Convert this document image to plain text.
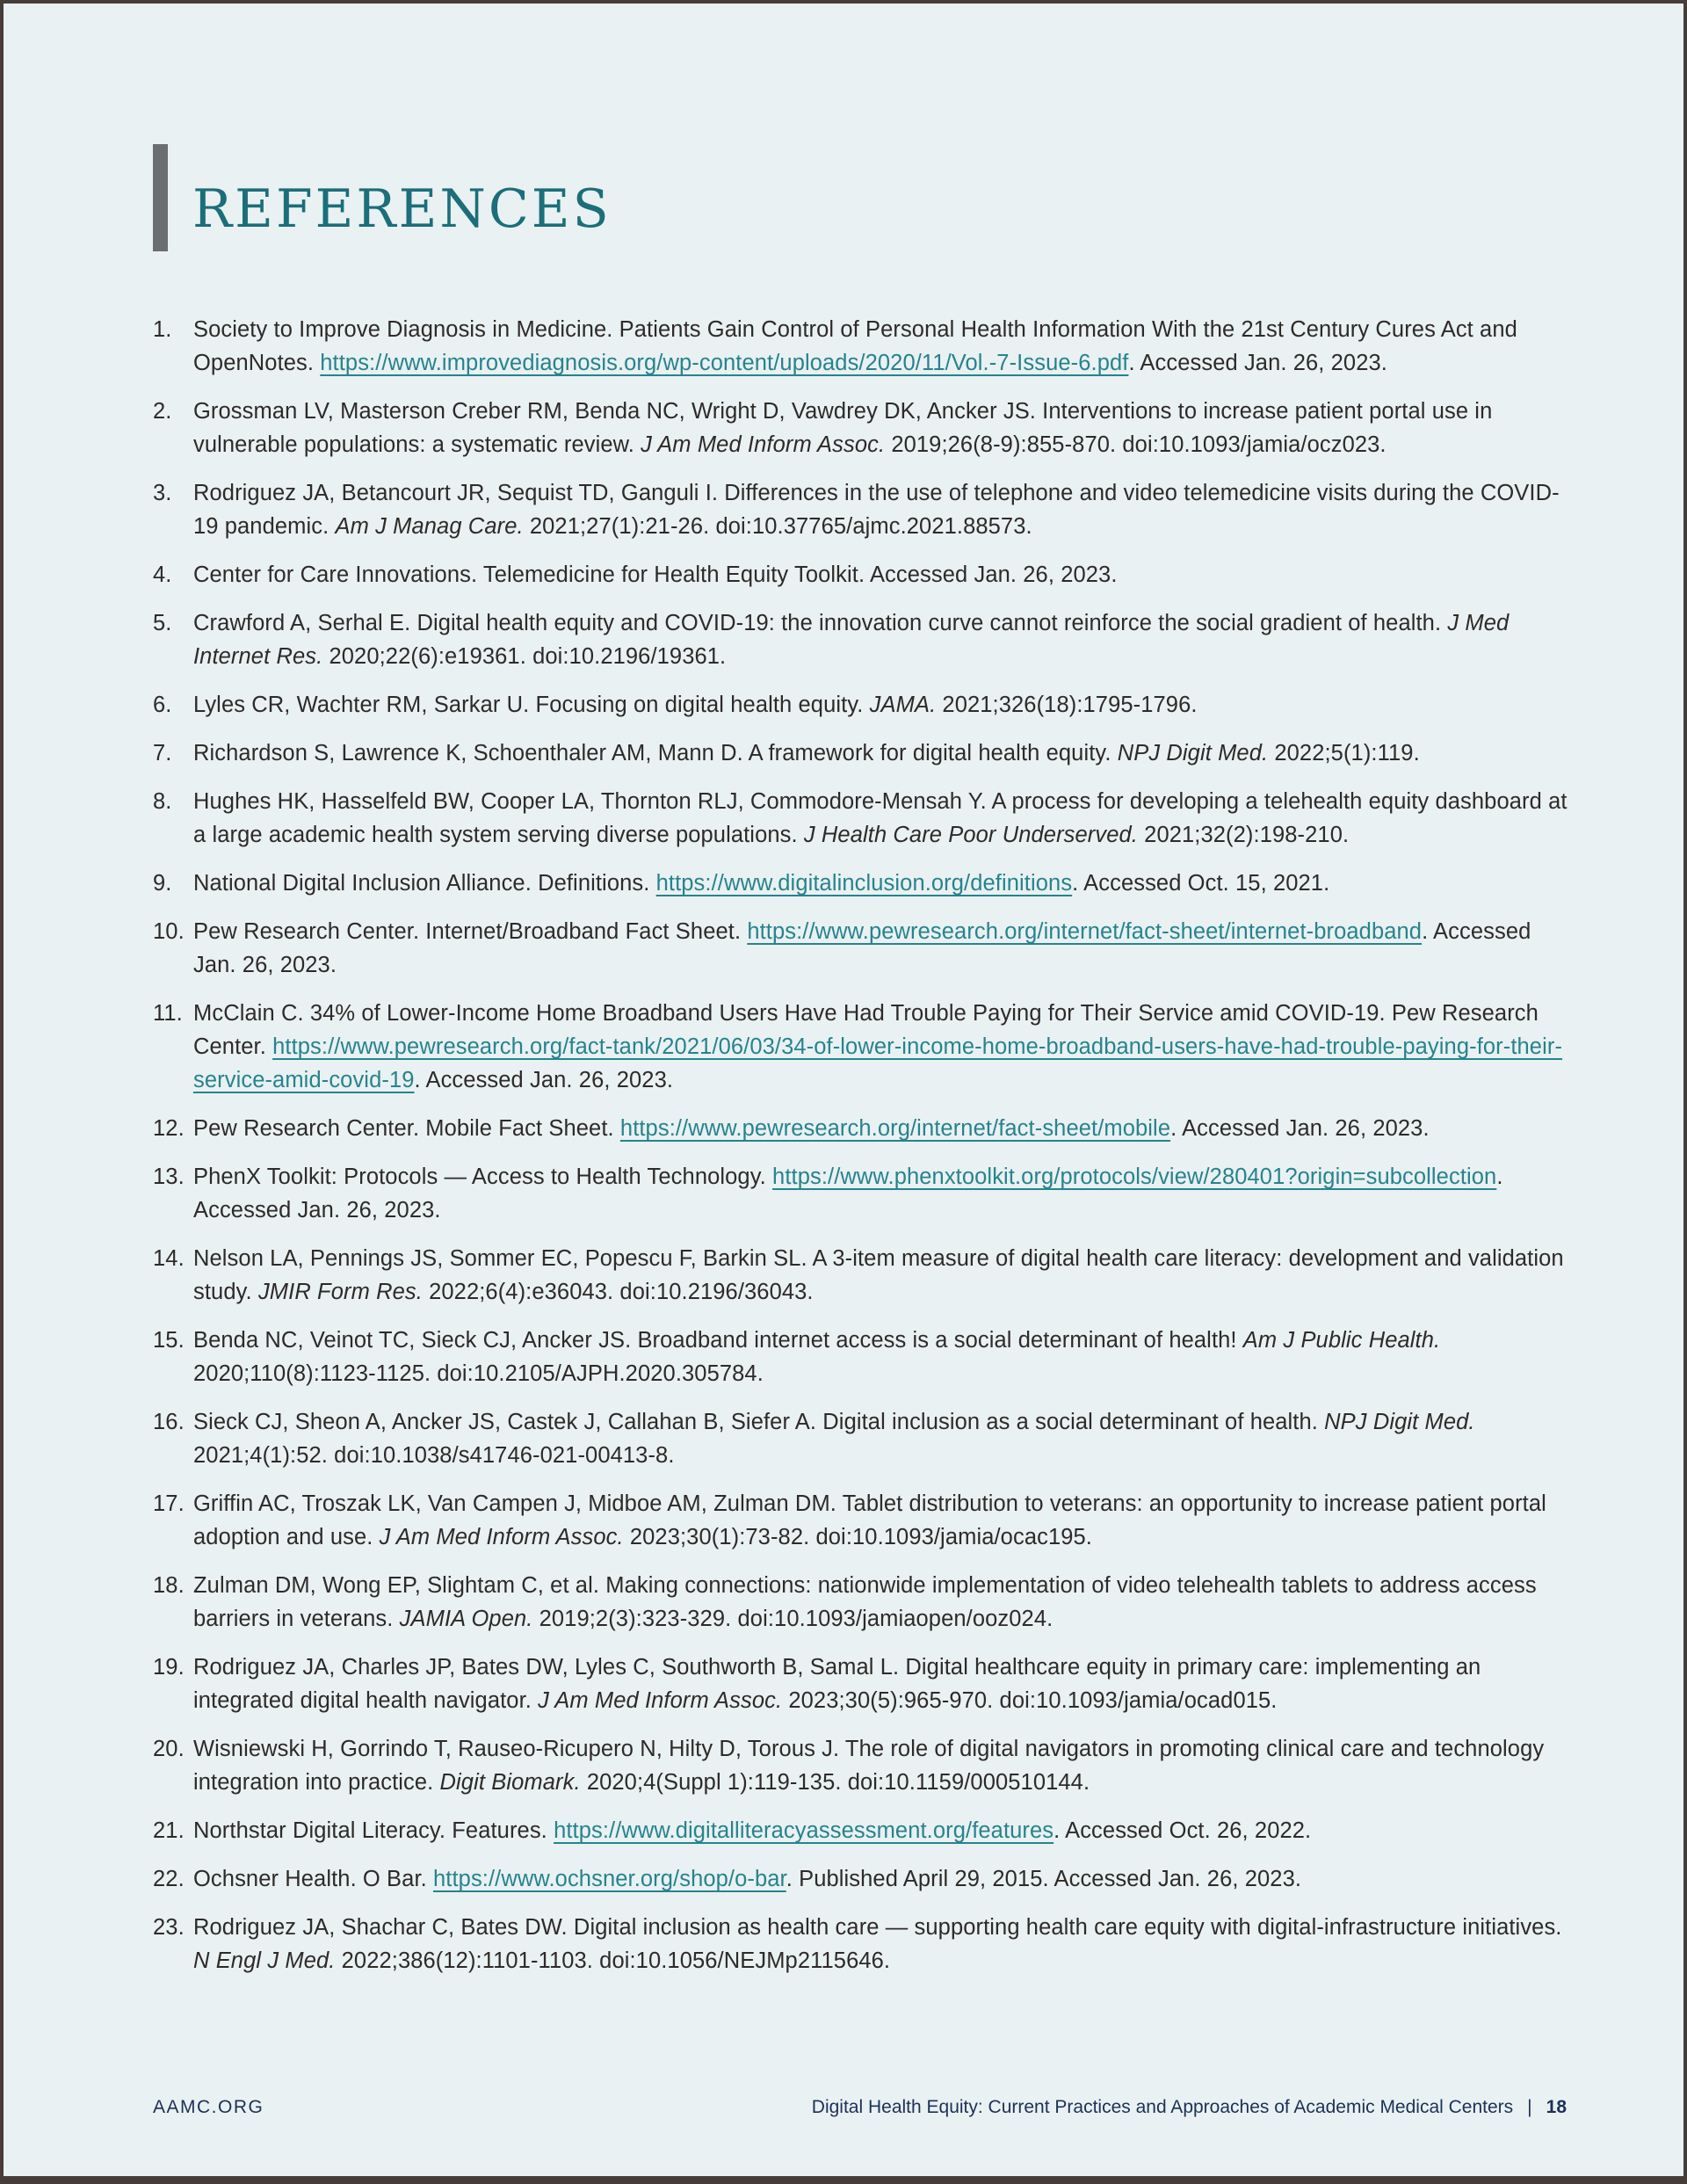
REFERENCES
1. Society to Improve Diagnosis in Medicine. Patients Gain Control of Personal Health Information With the 21st Century Cures Act and OpenNotes. https://www.improvediagnosis.org/wp-content/uploads/2020/11/Vol.-7-Issue-6.pdf. Accessed Jan. 26, 2023.
2. Grossman LV, Masterson Creber RM, Benda NC, Wright D, Vawdrey DK, Ancker JS. Interventions to increase patient portal use in vulnerable populations: a systematic review. J Am Med Inform Assoc. 2019;26(8-9):855-870. doi:10.1093/jamia/ocz023.
3. Rodriguez JA, Betancourt JR, Sequist TD, Ganguli I. Differences in the use of telephone and video telemedicine visits during the COVID-19 pandemic. Am J Manag Care. 2021;27(1):21-26. doi:10.37765/ajmc.2021.88573.
4. Center for Care Innovations. Telemedicine for Health Equity Toolkit. Accessed Jan. 26, 2023.
5. Crawford A, Serhal E. Digital health equity and COVID-19: the innovation curve cannot reinforce the social gradient of health. J Med Internet Res. 2020;22(6):e19361. doi:10.2196/19361.
6. Lyles CR, Wachter RM, Sarkar U. Focusing on digital health equity. JAMA. 2021;326(18):1795-1796.
7. Richardson S, Lawrence K, Schoenthaler AM, Mann D. A framework for digital health equity. NPJ Digit Med. 2022;5(1):119.
8. Hughes HK, Hasselfeld BW, Cooper LA, Thornton RLJ, Commodore-Mensah Y. A process for developing a telehealth equity dashboard at a large academic health system serving diverse populations. J Health Care Poor Underserved. 2021;32(2):198-210.
9. National Digital Inclusion Alliance. Definitions. https://www.digitalinclusion.org/definitions. Accessed Oct. 15, 2021.
10. Pew Research Center. Internet/Broadband Fact Sheet. https://www.pewresearch.org/internet/fact-sheet/internet-broadband. Accessed Jan. 26, 2023.
11. McClain C. 34% of Lower-Income Home Broadband Users Have Had Trouble Paying for Their Service amid COVID-19. Pew Research Center. https://www.pewresearch.org/fact-tank/2021/06/03/34-of-lower-income-home-broadband-users-have-had-trouble-paying-for-their-service-amid-covid-19. Accessed Jan. 26, 2023.
12. Pew Research Center. Mobile Fact Sheet. https://www.pewresearch.org/internet/fact-sheet/mobile. Accessed Jan. 26, 2023.
13. PhenX Toolkit: Protocols — Access to Health Technology. https://www.phenxtoolkit.org/protocols/view/280401?origin=subcollection. Accessed Jan. 26, 2023.
14. Nelson LA, Pennings JS, Sommer EC, Popescu F, Barkin SL. A 3-item measure of digital health care literacy: development and validation study. JMIR Form Res. 2022;6(4):e36043. doi:10.2196/36043.
15. Benda NC, Veinot TC, Sieck CJ, Ancker JS. Broadband internet access is a social determinant of health! Am J Public Health. 2020;110(8):1123-1125. doi:10.2105/AJPH.2020.305784.
16. Sieck CJ, Sheon A, Ancker JS, Castek J, Callahan B, Siefer A. Digital inclusion as a social determinant of health. NPJ Digit Med. 2021;4(1):52. doi:10.1038/s41746-021-00413-8.
17. Griffin AC, Troszak LK, Van Campen J, Midboe AM, Zulman DM. Tablet distribution to veterans: an opportunity to increase patient portal adoption and use. J Am Med Inform Assoc. 2023;30(1):73-82. doi:10.1093/jamia/ocac195.
18. Zulman DM, Wong EP, Slightam C, et al. Making connections: nationwide implementation of video telehealth tablets to address access barriers in veterans. JAMIA Open. 2019;2(3):323-329. doi:10.1093/jamiaopen/ooz024.
19. Rodriguez JA, Charles JP, Bates DW, Lyles C, Southworth B, Samal L. Digital healthcare equity in primary care: implementing an integrated digital health navigator. J Am Med Inform Assoc. 2023;30(5):965-970. doi:10.1093/jamia/ocad015.
20. Wisniewski H, Gorrindo T, Rauseo-Ricupero N, Hilty D, Torous J. The role of digital navigators in promoting clinical care and technology integration into practice. Digit Biomark. 2020;4(Suppl 1):119-135. doi:10.1159/000510144.
21. Northstar Digital Literacy. Features. https://www.digitalliteracyassessment.org/features. Accessed Oct. 26, 2022.
22. Ochsner Health. O Bar. https://www.ochsner.org/shop/o-bar. Published April 29, 2015. Accessed Jan. 26, 2023.
23. Rodriguez JA, Shachar C, Bates DW. Digital inclusion as health care — supporting health care equity with digital-infrastructure initiatives. N Engl J Med. 2022;386(12):1101-1103. doi:10.1056/NEJMp2115646.
AAMC.ORG	Digital Health Equity: Current Practices and Approaches of Academic Medical Centers | 18
